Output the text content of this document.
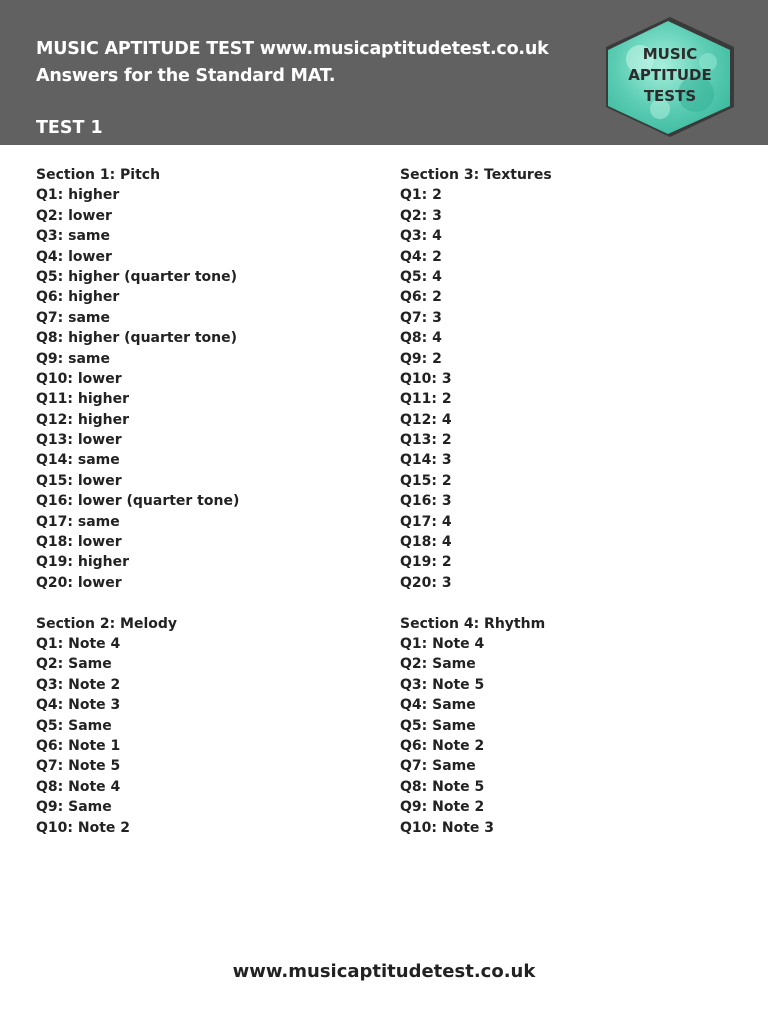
MUSIC APTITUDE TEST www.musicaptitudetest.co.uk
Answers for the Standard MAT.
TEST 1
MUSIC
APTITUDE
TESTS
Section 1: Pitch
Q1: higher
Q2: lower
Q3: same
Q4: lower
Q5: higher (quarter tone)
Q6: higher
Q7: same
Q8: higher (quarter tone)
Q9: same
Q10: lower
Q11: higher
Q12: higher
Q13: lower
Q14: same
Q15: lower
Q16: lower (quarter tone)
Q17: same
Q18: lower
Q19: higher
Q20: lower
Section 2: Melody
Q1: Note 4
Q2: Same
Q3: Note 2
Q4: Note 3
Q5: Same
Q6: Note 1
Q7: Note 5
Q8: Note 4
Q9: Same
Q10: Note 2
Section 3: Textures
Q1: 2
Q2: 3
Q3: 4
Q4: 2
Q5: 4
Q6: 2
Q7: 3
Q8: 4
Q9: 2
Q10: 3
Q11: 2
Q12: 4
Q13: 2
Q14: 3
Q15: 2
Q16: 3
Q17: 4
Q18: 4
Q19: 2
Q20: 3
Section 4: Rhythm
Q1: Note 4
Q2: Same
Q3: Note 5
Q4: Same
Q5: Same
Q6: Note 2
Q7: Same
Q8: Note 5
Q9: Note 2
Q10: Note 3
www.musicaptitudetest.co.uk
